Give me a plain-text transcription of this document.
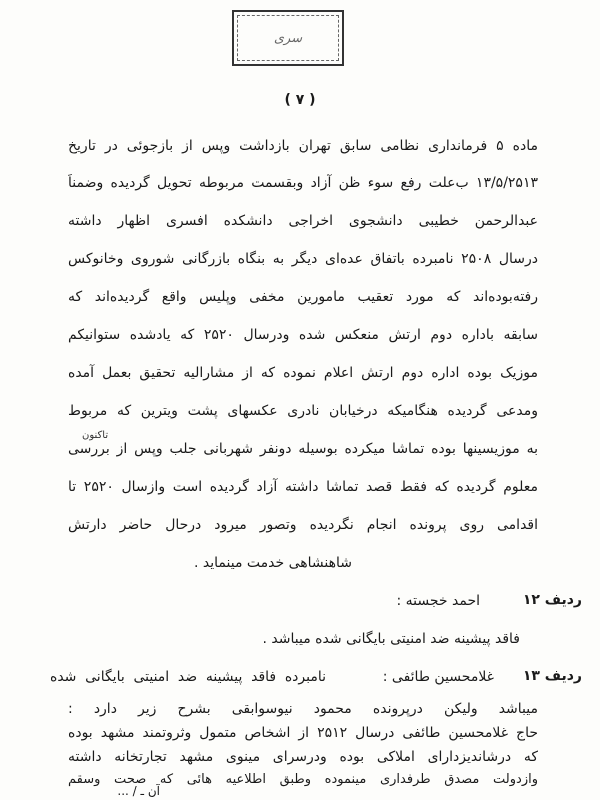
سری
( ۷ )
ماده ۵ فرمانداری نظامی سابق تهران بازداشت وپس از بازجوئی در تاریخ
۱۳/۵/۲۵۱۳ ب‌علت رفع سوء ظن آزاد وبقسمت مربوطه تحویل گردیده وضمناً
عبدالرحمن خطیبی دانشجوی اخراجی دانشکده افسری اظهار داشته
درسال ۲۵۰۸ نامبرده باتفاق عده‌ای دیگر به بنگاه بازرگانی شوروی وخانوکس
رفته‌بوده‌اند که مورد تعقیب مامورین مخفی وپلیس واقع گردیده‌اند که
سابقه باداره دوم ارتش منعکس شده ودرسال ۲۵۲۰ که یادشده ستوانیکم
موزیک بوده اداره دوم ارتش اعلام نموده که از مشارالیه تحقیق بعمل آمده
ومدعی گردیده هنگامیکه درخیابان نادری عکسهای پشت ویترین که مربوط
به موزیسینها بوده تماشا میکرده بوسیله دونفر شهربانی جلب وپس از بررسی
تاکنون
معلوم گردیده که فقط قصد تماشا داشته آزاد گردیده است وازسال ۲۵۲۰ تا
اقدامی روی پرونده انجام نگردیده وتصور میرود درحال حاضر دارتش
شاهنشاهی خدمت مینماید .
ردیف ۱۲
احمد خجسته :
فاقد پیشینه ضد امنیتی بایگانی شده میباشد .
ردیف ۱۳
غلامحسین طائفی :
نامبرده فاقد پیشینه ضد امنیتی بایگانی شده
میباشد ولیکن درپرونده محمود نیوسوابقی بشرح زیر دارد :
حاج غلامحسین طائفی درسال ۲۵۱۲ از اشخاص متمول وثروتمند مشهد بوده
که درشاندیزدارای املاکی بوده ودرسرای مینوی مشهد تجارتخانه داشته
وازدولت مصدق طرفداری مینموده وطبق اطلاعیه هائی که صحت وسقم
آن ـ / ...
